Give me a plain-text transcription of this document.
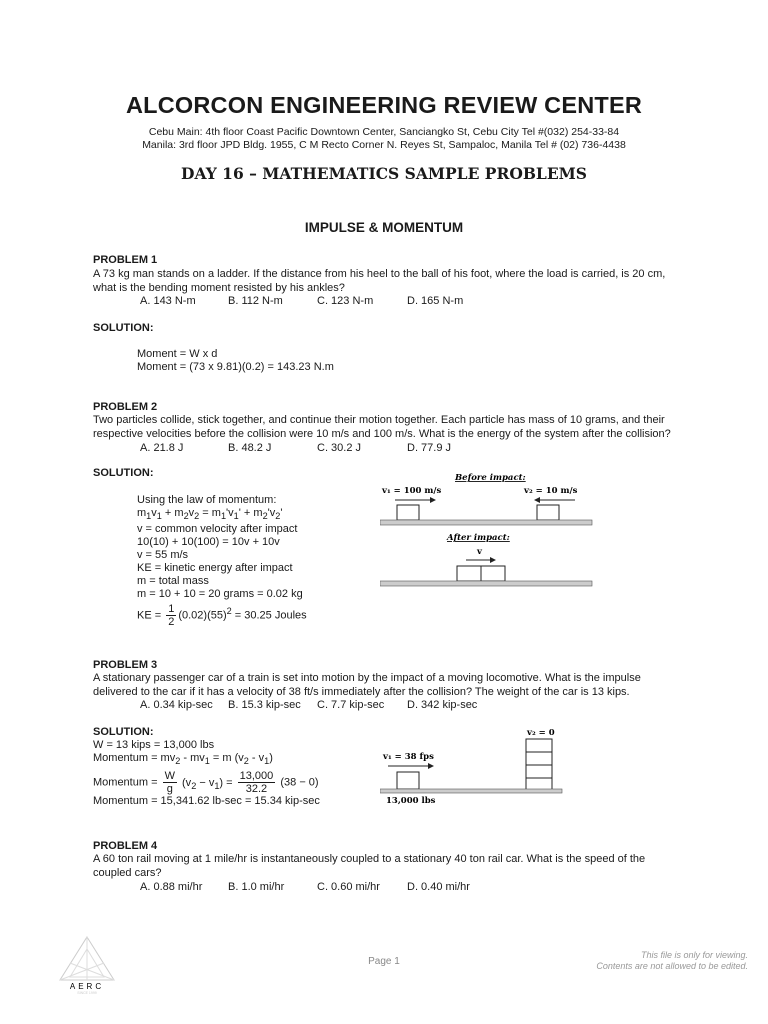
ALCORCON ENGINEERING REVIEW CENTER
Cebu Main: 4th floor Coast Pacific Downtown Center, Sanciangko St, Cebu City Tel #(032) 254-33-84
Manila: 3rd floor JPD Bldg. 1955, C M Recto Corner N. Reyes St, Sampaloc, Manila Tel # (02) 736-4438
DAY 16 – MATHEMATICS SAMPLE PROBLEMS
IMPULSE & MOMENTUM
PROBLEM 1
A 73 kg man stands on a ladder. If the distance from his heel to the ball of his foot, where the load is carried, is 20 cm, what is the bending moment resisted by his ankles?
A. 143 N-m	B. 112 N-m	C. 123 N-m	D. 165 N-m
SOLUTION:
Moment = W x d
Moment = (73 x 9.81)(0.2) = 143.23 N.m
PROBLEM 2
Two particles collide, stick together, and continue their motion together. Each particle has mass of 10 grams, and their respective velocities before the collision were 10 m/s and 100 m/s. What is the energy of the system after the collision?
A. 21.8 J	B. 48.2 J	C. 30.2 J	D. 77.9 J
SOLUTION:
Using the law of momentum:
$m_1v_1 + m_2v_2 = m_1'v_1' + m_2'v_2'$
v = common velocity after impact
10(10) + 10(100) = 10v + 10v
v = 55 m/s
KE = kinetic energy after impact
m = total mass
m = 10 + 10 = 20 grams = 0.02 kg
KE = $\frac{1}{2} (0.02)(55)^2 = 30.25$ Joules
Before impact:
v₁ = 100 m/s	v₂ = 10 m/s
After impact:
v
PROBLEM 3
A stationary passenger car of a train is set into motion by the impact of a moving locomotive. What is the impulse delivered to the car if it has a velocity of 38 ft/s immediately after the collision? The weight of the car is 13 kips.
A. 0.34 kip-sec B. 15.3 kip-sec C. 7.7 kip-sec D. 342 kip-sec
SOLUTION:
W = 13 kips = 13,000 lbs
Momentum = $mv_2 - mv_1 = m$ $(v_2 - v_1)$
Momentum = $\frac{W}{g} (v_2 - v_1) = \frac{13,000}{32.2} (38 - 0)$
Momentum = 15,341.62 lb-sec = 15.34 kip-sec
v₂ = 0
v₁ = 38 fps
13,000 lbs
PROBLEM 4
A 60 ton rail moving at 1 mile/hr is instantaneously coupled to a stationary 40 ton rail car. What is the speed of the coupled cars?
A. 0.88 mi/hr B. 1.0 mi/hr	C. 0.60 mi/hr D. 0.40 mi/hr
AERC
SINCE 1999
Page 1
This file is only for viewing.
Contents are not allowed to be edited.
